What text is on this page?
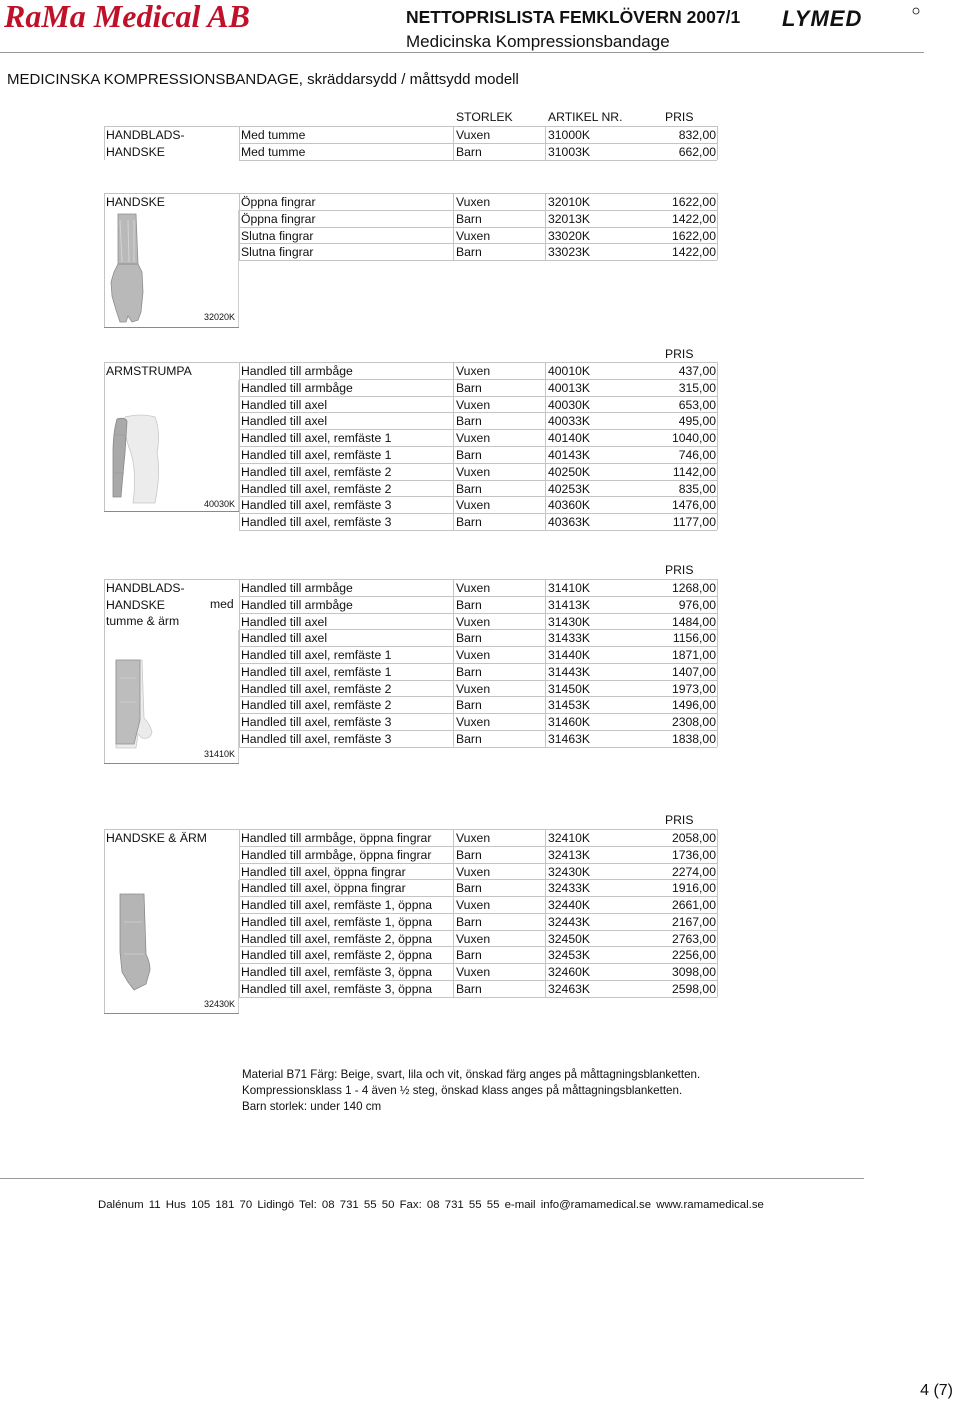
RaMa Medical AB	NETTOPRISLISTA FEMKLÖVERN 2007/1
Medicinska Kompressionsbandage
LYMED
MEDICINSKA KOMPRESSIONSBANDAGE, skräddarsydd / måttsydd modell
STORLEK	ARTIKEL NR.	PRIS
HANDBLADS-
HANDSKE
Med tumme	Vuxen	31000K	832,00
Med tumme	Barn	31003K	662,00
HANDSKE	Öppna fingrar	Vuxen	32010K	1622,00
Öppna fingrar	Barn	32013K	1422,00
Slutna fingrar	Vuxen	33020K	1622,00
Slutna fingrar	Barn	33023K	1422,00
32020K
PRIS
ARMSTRUMPA	Handled till armbåge	Vuxen	40010K	437,00
Handled till armbåge	Barn	40013K	315,00
Handled till axel	Vuxen	40030K	653,00
Handled till axel	Barn	40033K	495,00
Handled till axel, remfäste 1	Vuxen	40140K	1040,00
Handled till axel, remfäste 1	Barn	40143K	746,00
Handled till axel, remfäste 2	Vuxen	40250K	1142,00
Handled till axel, remfäste 2	Barn	40253K	835,00
Handled till axel, remfäste 3	Vuxen	40360K	1476,00
Handled till axel, remfäste 3	Barn	40363K	1177,00
40030K
PRIS
HANDBLADS-
HANDSKE
tumme & ärm
med
Handled till armbåge	Vuxen	31410K	1268,00
Handled till armbåge	Barn	31413K	976,00
Handled till axel	Vuxen	31430K	1484,00
Handled till axel	Barn	31433K	1156,00
Handled till axel, remfäste 1	Vuxen	31440K	1871,00
Handled till axel, remfäste 1	Barn	31443K	1407,00
Handled till axel, remfäste 2	Vuxen	31450K	1973,00
Handled till axel, remfäste 2	Barn	31453K	1496,00
Handled till axel, remfäste 3	Vuxen	31460K	2308,00
Handled till axel, remfäste 3	Barn	31463K	1838,00
31410K
PRIS
HANDSKE & ÄRM	Handled till armbåge, öppna fingrar Vuxen	32410K	2058,00
Handled till armbåge, öppna fingrar Barn	32413K	1736,00
Handled till axel, öppna fingrar	Vuxen	32430K	2274,00
Handled till axel, öppna fingrar	Barn	32433K	1916,00
Handled till axel, remfäste 1, öppna Vuxen	32440K	2661,00
Handled till axel, remfäste 1, öppna Barn	32443K	2167,00
Handled till axel, remfäste 2, öppna Vuxen	32450K	2763,00
Handled till axel, remfäste 2, öppna Barn	32453K	2256,00
Handled till axel, remfäste 3, öppna Vuxen	32460K	3098,00
Handled till axel, remfäste 3, öppna Barn	32463K	2598,00
32430K
Material B71 Färg: Beige, svart, lila och vit, önskad färg anges på måttagningsblanketten.
Kompressionsklass 1 - 4 även ½ steg, önskad klass anges på måttagningsblanketten.
Barn storlek: under 140 cm
Dalénum 11 Hus 105 181 70 Lidingö Tel: 08 731 55 50 Fax: 08 731 55 55 e-mail info@ramamedical.se www.ramamedical.se
4 (7)
